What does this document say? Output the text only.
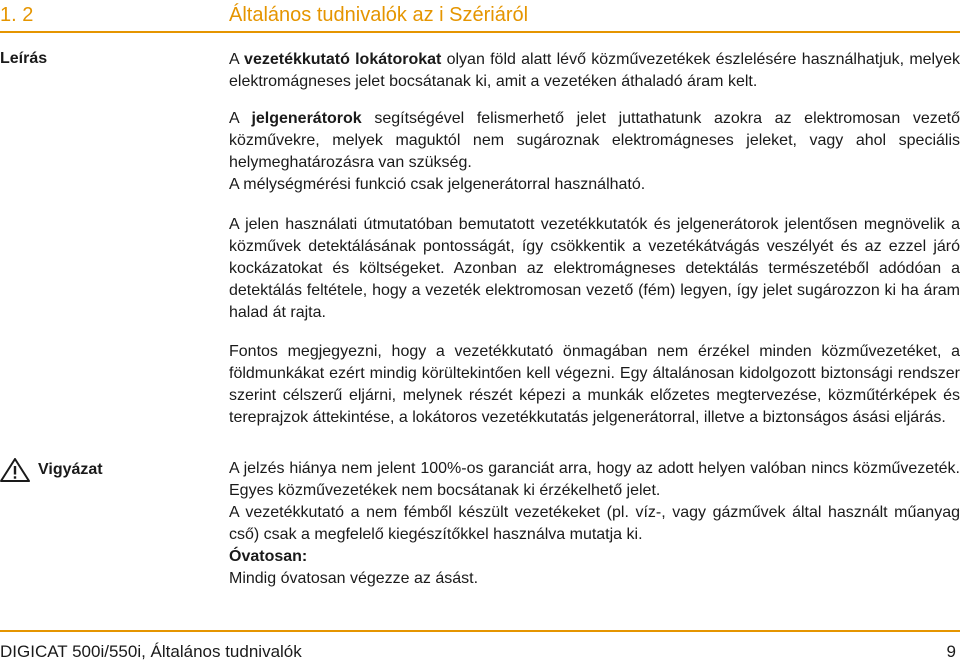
1. 2	Általános tudnivalók az i Szériáról
Leírás	A vezetékkutató lokátorokat olyan föld alatt lévő közművezetékek észlelésére használhatjuk, melyek elektromágneses jelet bocsátanak ki, amit a vezetéken áthaladó áram kelt.

A jelgenerátorok segítségével felismerhető jelet juttathatunk azokra az elektromosan vezető közművekre, melyek maguktól nem sugároznak elektromágneses jeleket, vagy ahol speciális helymeghatározásra van szükség.

A mélységmérési funkció csak jelgenerátorral használható.

A jelen használati útmutatóban bemutatott vezetékkutatók és jelgenerátorok jelentősen megnövelik a közművek detektálásának pontosságát, így csökkentik a vezetékátvágás veszélyét és az ezzel járó kockázatokat és költségeket. Azonban az elektromágneses detektálás természetéből adódóan a detektálás feltétele, hogy a vezeték elektromosan vezető (fém) legyen, így jelet sugározzon ki ha áram halad át rajta.
Fontos megjegyezni, hogy a vezetékkutató önmagában nem érzékel minden közművezetéket, a földmunkákat ezért mindig körültekintően kell végezni. Egy általánosan kidolgozott biztonsági rendszer szerint célszerű eljárni, melynek részét képezi a munkák előzetes megtervezése, közműtérképek és tereprajzok áttekintése, a lokátoros vezetékkutatás jelgenerátorral, illetve a biztonságos ásási eljárás.
Vigyázat	A jelzés hiánya nem jelent 100%-os garanciát arra, hogy az adott helyen valóban nincs közművezeték. Egyes közművezetékek nem bocsátanak ki érzékelhető jelet.

A vezetékkutató a nem fémből készült vezetékeket (pl. víz-, vagy gázművek által használt műanyag cső) csak a megfelelő kiegészítőkkel használva mutatja ki.

Óvatosan:

Mindig óvatosan végezze az ásást.

DIGICAT 500i/550i, Általános tudnivalók	9
